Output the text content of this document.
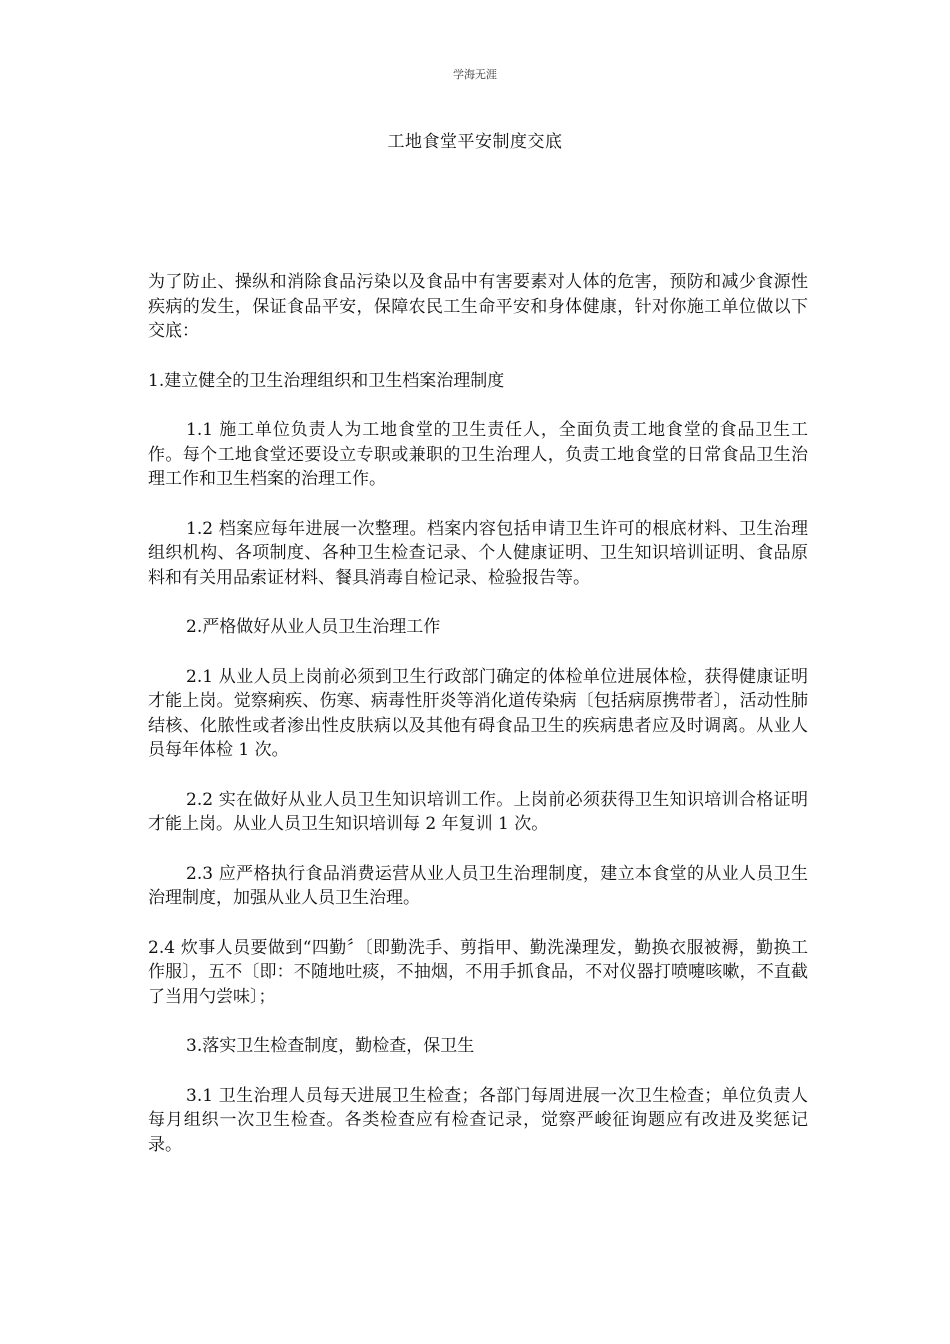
学海无涯
工地食堂平安制度交底

为了防止、操纵和消除食品污染以及食品中有害要素对人体的危害，预防和减少食源性疾病的发生，保证食品平安，保障农民工生命平安和身体健康，针对你施工单位做以下交底：

1.建立健全的卫生治理组织和卫生档案治理制度

1.1 施工单位负责人为工地食堂的卫生责任人，全面负责工地食堂的食品卫生工作。每个工地食堂还要设立专职或兼职的卫生治理人，负责工地食堂的日常食品卫生治理工作和卫生档案的治理工作。

1.2 档案应每年进展一次整理。档案内容包括申请卫生许可的根底材料、卫生治理组织机构、各项制度、各种卫生检查记录、个人健康证明、卫生知识培训证明、食品原料和有关用品索证材料、餐具消毒自检记录、检验报告等。

2.严格做好从业人员卫生治理工作

2.1 从业人员上岗前必须到卫生行政部门确定的体检单位进展体检，获得健康证明才能上岗。觉察痢疾、伤寒、病毒性肝炎等消化道传染病〔包括病原携带者〕，活动性肺结核、化脓性或者渗出性皮肤病以及其他有碍食品卫生的疾病患者应及时调离。从业人员每年体检 1 次。

2.2 实在做好从业人员卫生知识培训工作。上岗前必须获得卫生知识培训合格证明才能上岗。从业人员卫生知识培训每 2 年复训 1 次。

2.3 应严格执行食品消费运营从业人员卫生治理制度，建立本食堂的从业人员卫生治理制度，加强从业人员卫生治理。

2.4 炊事人员要做到“四勤〞〔即勤洗手、剪指甲、勤洗澡理发，勤换衣服被褥，勤换工作服〕，五不〔即：不随地吐痰，不抽烟，不用手抓食品，不对仪器打喷嚏咳嗽，不直截了当用勺尝味〕；

3.落实卫生检查制度，勤检查，保卫生

3.1 卫生治理人员每天进展卫生检查；各部门每周进展一次卫生检查；单位负责人每月组织一次卫生检查。各类检查应有检查记录，觉察严峻征询题应有改进及奖惩记录。
